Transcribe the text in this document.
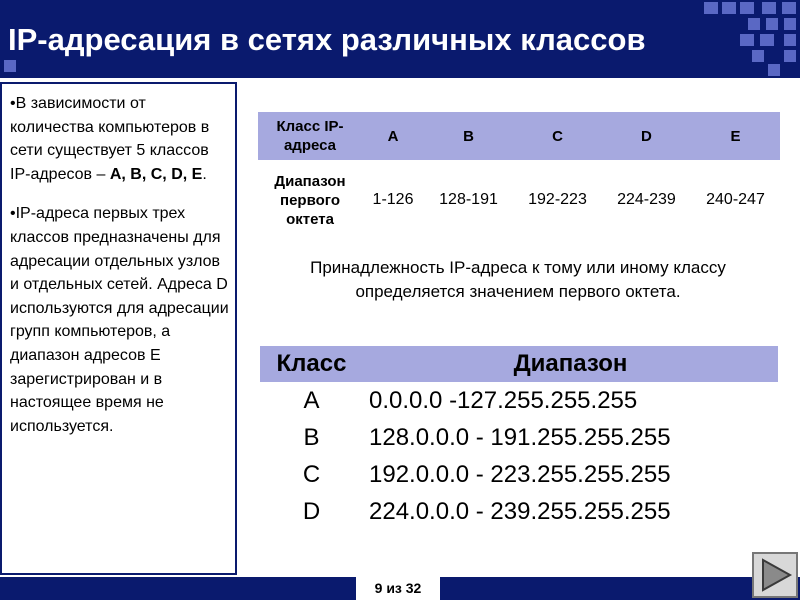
IP-адресация в сетях различных классов

•В зависимости от количества компьютеров в сети существует 5 классов IP-адресов – A, B, C, D, E.

•IP-адреса первых трех классов предназначены для адресации отдельных узлов и отдельных сетей. Адреса D используются для адресации групп компьютеров, а диапазон адресов E зарегистрирован и в настоящее время не используется.

Класс IP-адреса	A	B	C	D	E
Диапазон первого октета	1-126	128-191	192-223	224-239	240-247
Принадлежность IP-адреса к тому или иному классу определяется значением первого октета.
Класс	Диапазон
A	0.0.0.0 -127.255.255.255
B	128.0.0.0 - 191.255.255.255
C	192.0.0.0 - 223.255.255.255
D	224.0.0.0 - 239.255.255.255
9 из 32
